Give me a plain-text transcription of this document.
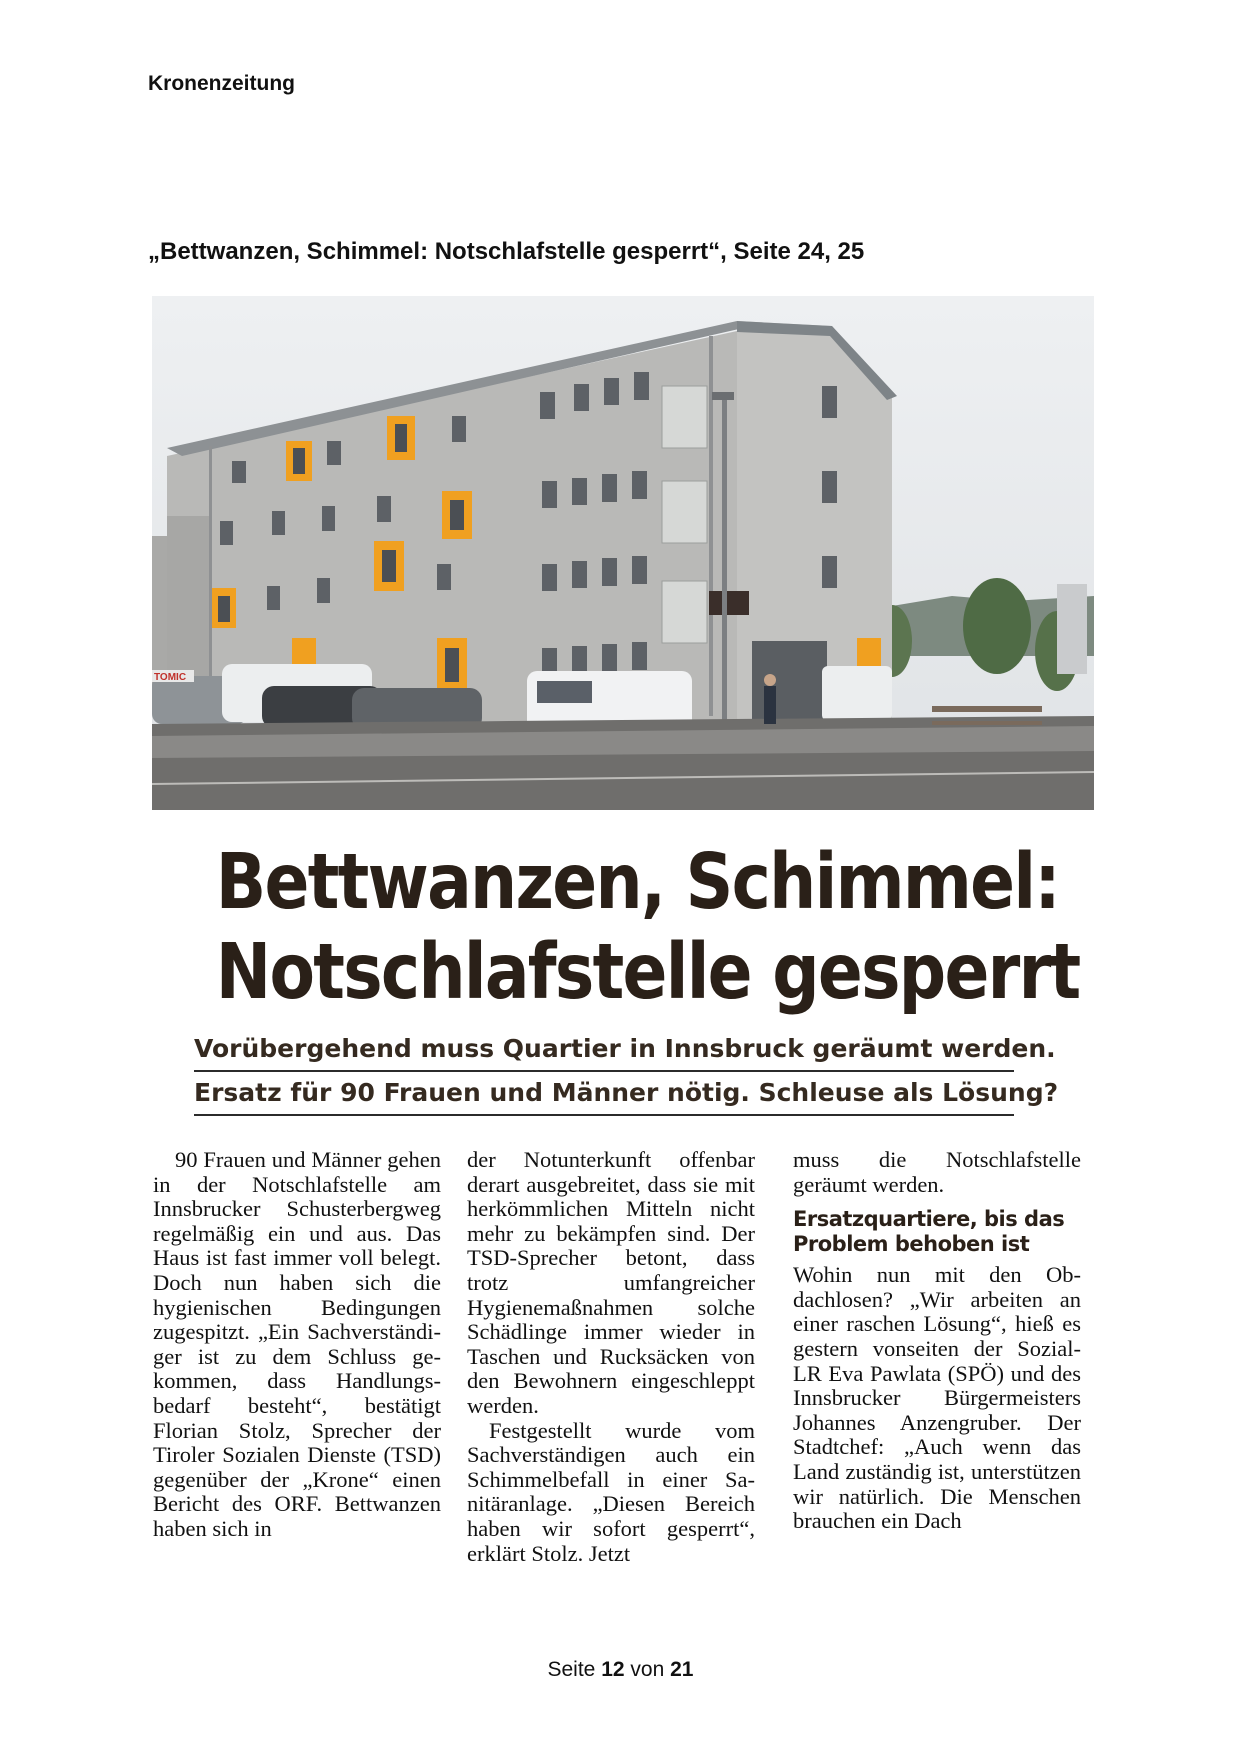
Kronenzeitung
„Bettwanzen, Schimmel: Notschlafstelle gesperrt“, Seite 24, 25
TOMIC
Bettwanzen, Schimmel:
Notschlafstelle gesperrt
Vorübergehend muss Quartier in Innsbruck geräumt werden.
Ersatz für 90 Frauen und Männer nötig. Schleuse als Lösung?

90 Frauen und Männer gehen in der Notschlafstelle am Innsbrucker Schusterbergweg regelmäßig ein und aus. Das Haus ist fast immer voll belegt. Doch nun haben sich die hygienischen Bedingungen zugespitzt. „Ein Sachverständiger ist zu dem Schluss gekommen, dass Handlungsbedarf besteht“, bestätigt Florian Stolz, Sprecher der Tiroler Sozialen Dienste (TSD) gegenüber der „Krone“ einen Bericht des ORF. Bettwanzen haben sich in

der Notunterkunft offenbar derart ausgebreitet, dass sie mit herkömmlichen Mitteln nicht mehr zu bekämpfen sind. Der TSD-Sprecher betont, dass trotz umfangreicher Hygienemaßnahmen solche Schädlinge immer wieder in Taschen und Rucksäcken von den Bewohnern eingeschleppt werden.

Festgestellt wurde vom Sachverständigen auch ein Schimmelbefall in einer Sanitäranlage. „Diesen Bereich haben wir sofort gesperrt“, erklärt Stolz. Jetzt

muss die Notschlafstelle geräumt werden.

Ersatzquartiere, bis das Problem behoben ist

Wohin nun mit den Obdachlosen? „Wir arbeiten an einer raschen Lösung“, hieß es gestern vonseiten der Sozial-LR Eva Pawlata (SPÖ) und des Innsbrucker Bürgermeisters Johannes Anzengruber. Der Stadtchef: „Auch wenn das Land zuständig ist, unterstützen wir natürlich. Die Menschen brauchen ein Dach

Seite 12 von 21
